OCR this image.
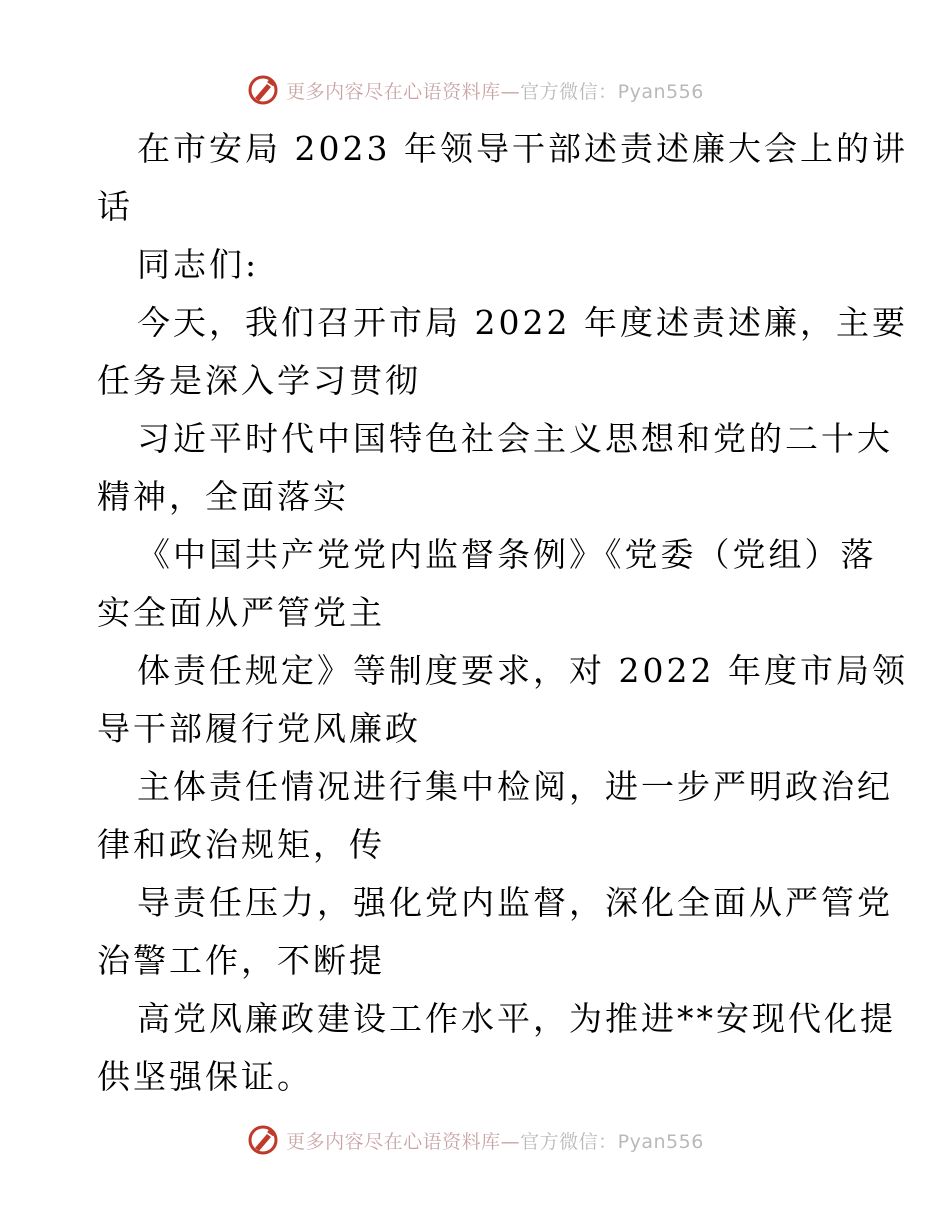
更多内容尽在心语资料库—官方微信：Pyan556
在市安局 2023 年领导干部述责述廉大会上的讲
话
同志们:
今天，我们召开市局 2022 年度述责述廉，主要
任务是深入学习贯彻
习近平时代中国特色社会主义思想和党的二十大
精神，全面落实
《中国共产党党内监督条例》《党委（党组）落
实全面从严管党主
体责任规定》等制度要求，对 2022 年度市局领
导干部履行党风廉政
主体责任情况进行集中检阅，进一步严明政治纪
律和政治规矩，传
导责任压力，强化党内监督，深化全面从严管党
治警工作，不断提
高党风廉政建设工作水平，为推进**安现代化提
供坚强保证。
更多内容尽在心语资料库—官方微信：Pyan556
